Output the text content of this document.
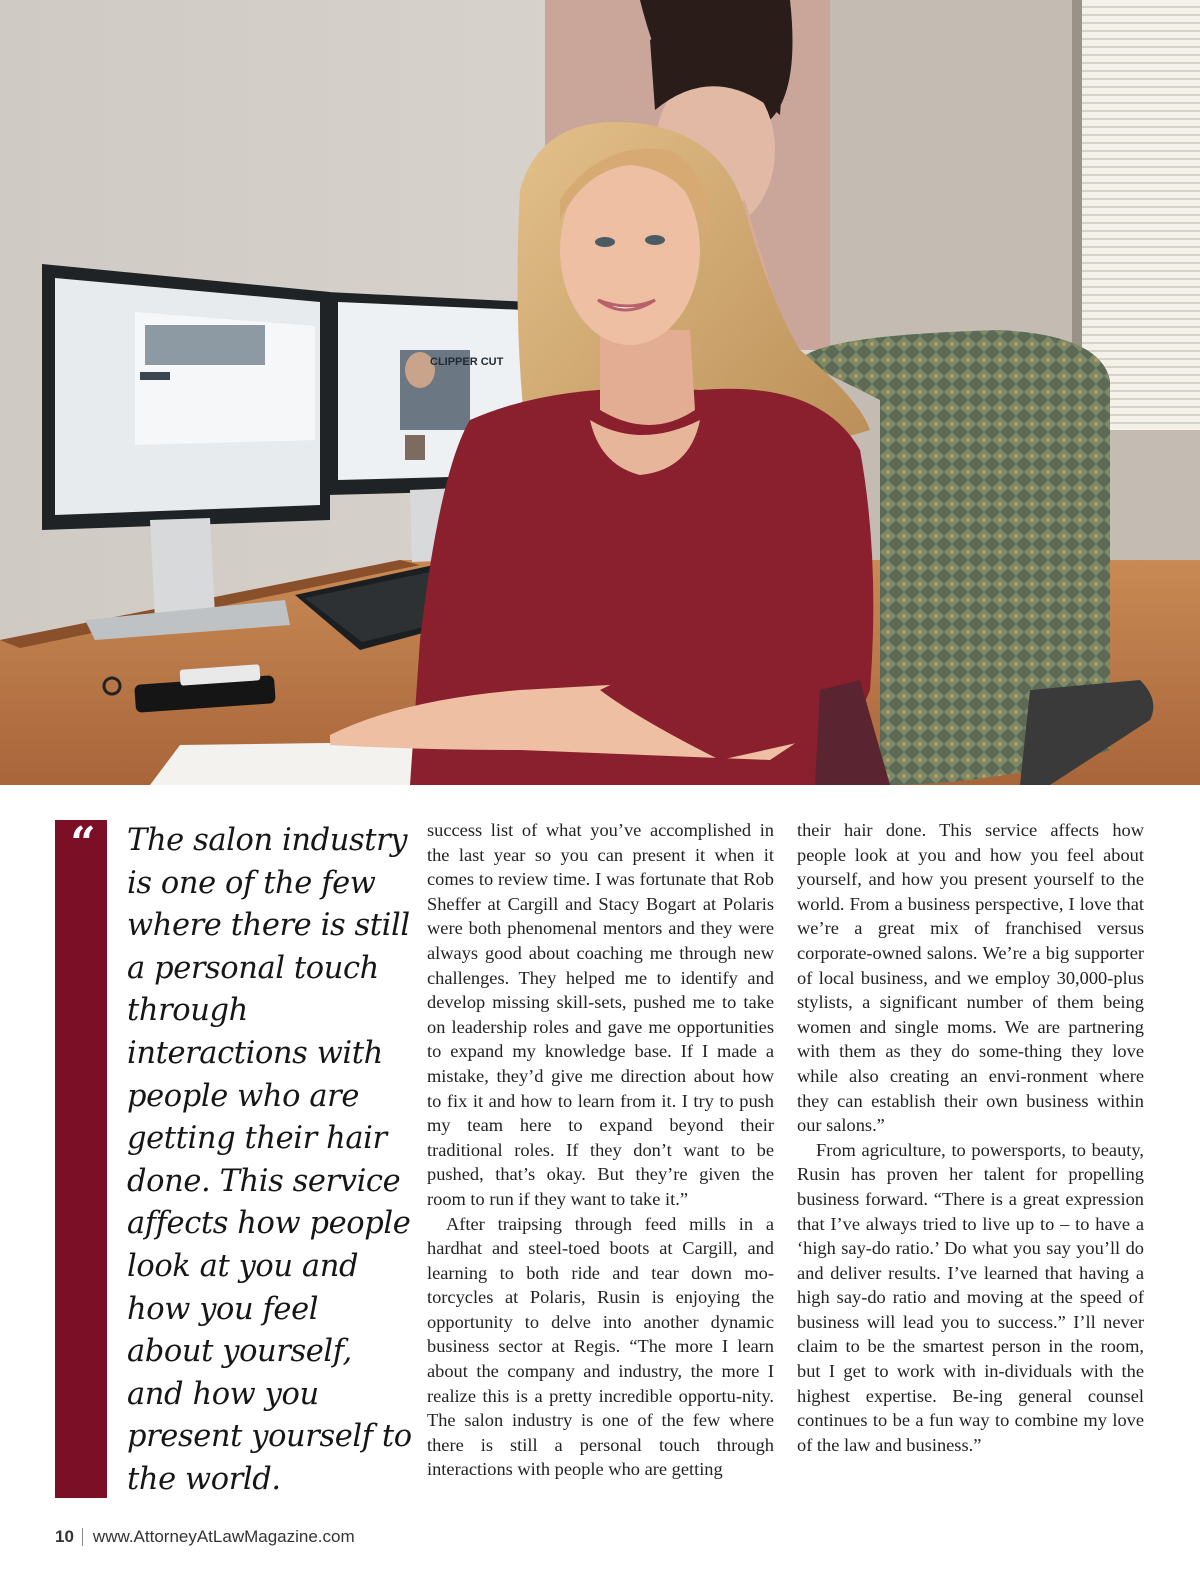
CLIPPER CUT
“ The salon industry is one of the few where there is still a personal touch through interactions with people who are getting their hair done. This service affects how people look at you and how you feel about yourself, and how you present yourself to the world.

success list of what you’ve accomplished in the last year so you can present it when it comes to review time. I was fortunate that Rob Sheffer at Cargill and Stacy Bogart at Polaris were both phenomenal mentors and they were always good about coaching me through new challenges. They helped me to identify and develop missing skill-sets, pushed me to take on leadership roles and gave me opportunities to expand my knowledge base. If I made a mistake, they’d give me direction about how to fix it and how to learn from it. I try to push my team here to expand beyond their traditional roles. If they don’t want to be pushed, that’s okay. But they’re given the room to run if they want to take it.”

After traipsing through feed mills in a hardhat and steel-toed boots at Cargill, and learning to both ride and tear down mo-torcycles at Polaris, Rusin is enjoying the opportunity to delve into another dynamic business sector at Regis. “The more I learn about the company and industry, the more I realize this is a pretty incredible opportu-nity. The salon industry is one of the few where there is still a personal touch through interactions with people who are getting

their hair done. This service affects how people look at you and how you feel about yourself, and how you present yourself to the world. From a business perspective, I love that we’re a great mix of franchised versus corporate-owned salons. We’re a big supporter of local business, and we employ 30,000-plus stylists, a significant number of them being women and single moms. We are partnering with them as they do some-thing they love while also creating an envi-ronment where they can establish their own business within our salons.”

From agriculture, to powersports, to beauty, Rusin has proven her talent for propelling business forward. “There is a great expression that I’ve always tried to live up to – to have a ‘high say-do ratio.’ Do what you say you’ll do and deliver results. I’ve learned that having a high say-do ratio and moving at the speed of business will lead you to success.” I’ll never claim to be the smartest person in the room, but I get to work with in-dividuals with the highest expertise. Be-ing general counsel continues to be a fun way to combine my love of the law and business.”

10 www.AttorneyAtLawMagazine.com
